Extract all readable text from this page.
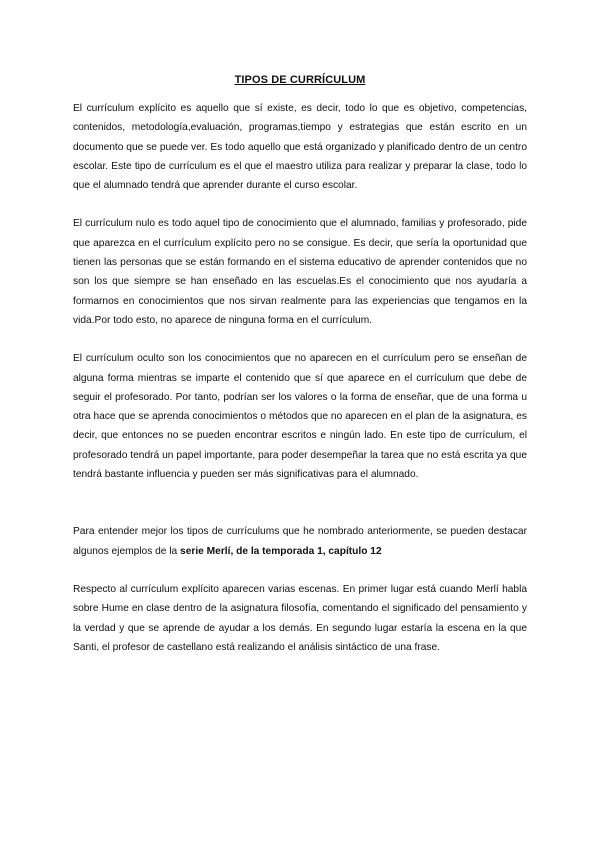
TIPOS DE CURRÍCULUM

El currículum explícito es aquello que sí existe, es decir, todo lo que es objetivo, competencias, contenidos, metodología,evaluación, programas,tiempo y estrategias que están escrito en un documento que se puede ver. Es todo aquello que está organizado y planificado dentro de un centro escolar. Este tipo de currículum es el que el maestro utiliza para realizar y preparar la clase, todo lo que el alumnado tendrá que aprender durante el curso escolar.

El currículum nulo es todo aquel tipo de conocimiento que el alumnado, familias y profesorado, pide que aparezca en el currículum explícito pero no se consigue. Es decir, que sería la oportunidad que tienen las personas que se están formando en el sistema educativo de aprender contenidos que no son los que siempre se han enseñado en las escuelas.Es el conocimiento que nos ayudaría a formarnos en conocimientos que nos sirvan realmente para las experiencias que tengamos en la vida.Por todo esto, no aparece de ninguna forma en el currículum.

El currículum oculto son los conocimientos que no aparecen en el currículum pero se enseñan de alguna forma mientras se imparte el contenido que sí que aparece en el currículum que debe de seguir el profesorado. Por tanto, podrían ser los valores o la forma de enseñar, que de una forma u otra hace que se aprenda conocimientos o métodos que no aparecen en el plan de la asignatura, es decir, que entonces no se pueden encontrar escritos e ningún lado. En este tipo de currículum, el profesorado tendrá un papel importante, para poder desempeñar la tarea que no está escrita ya que tendrá bastante influencia y pueden ser más significativas para el alumnado.

Para entender mejor los tipos de currículums que he nombrado anteriormente, se pueden destacar algunos ejemplos de la serie Merlí, de la temporada 1, capítulo 12

Respecto al currículum explícito aparecen varias escenas. En primer lugar está cuando Merlí habla sobre Hume en clase dentro de la asignatura filosofía, comentando el significado del pensamiento y la verdad y que se aprende de ayudar a los demás. En segundo lugar estaría la escena en la que Santi, el profesor de castellano está realizando el análisis sintáctico de una frase.
